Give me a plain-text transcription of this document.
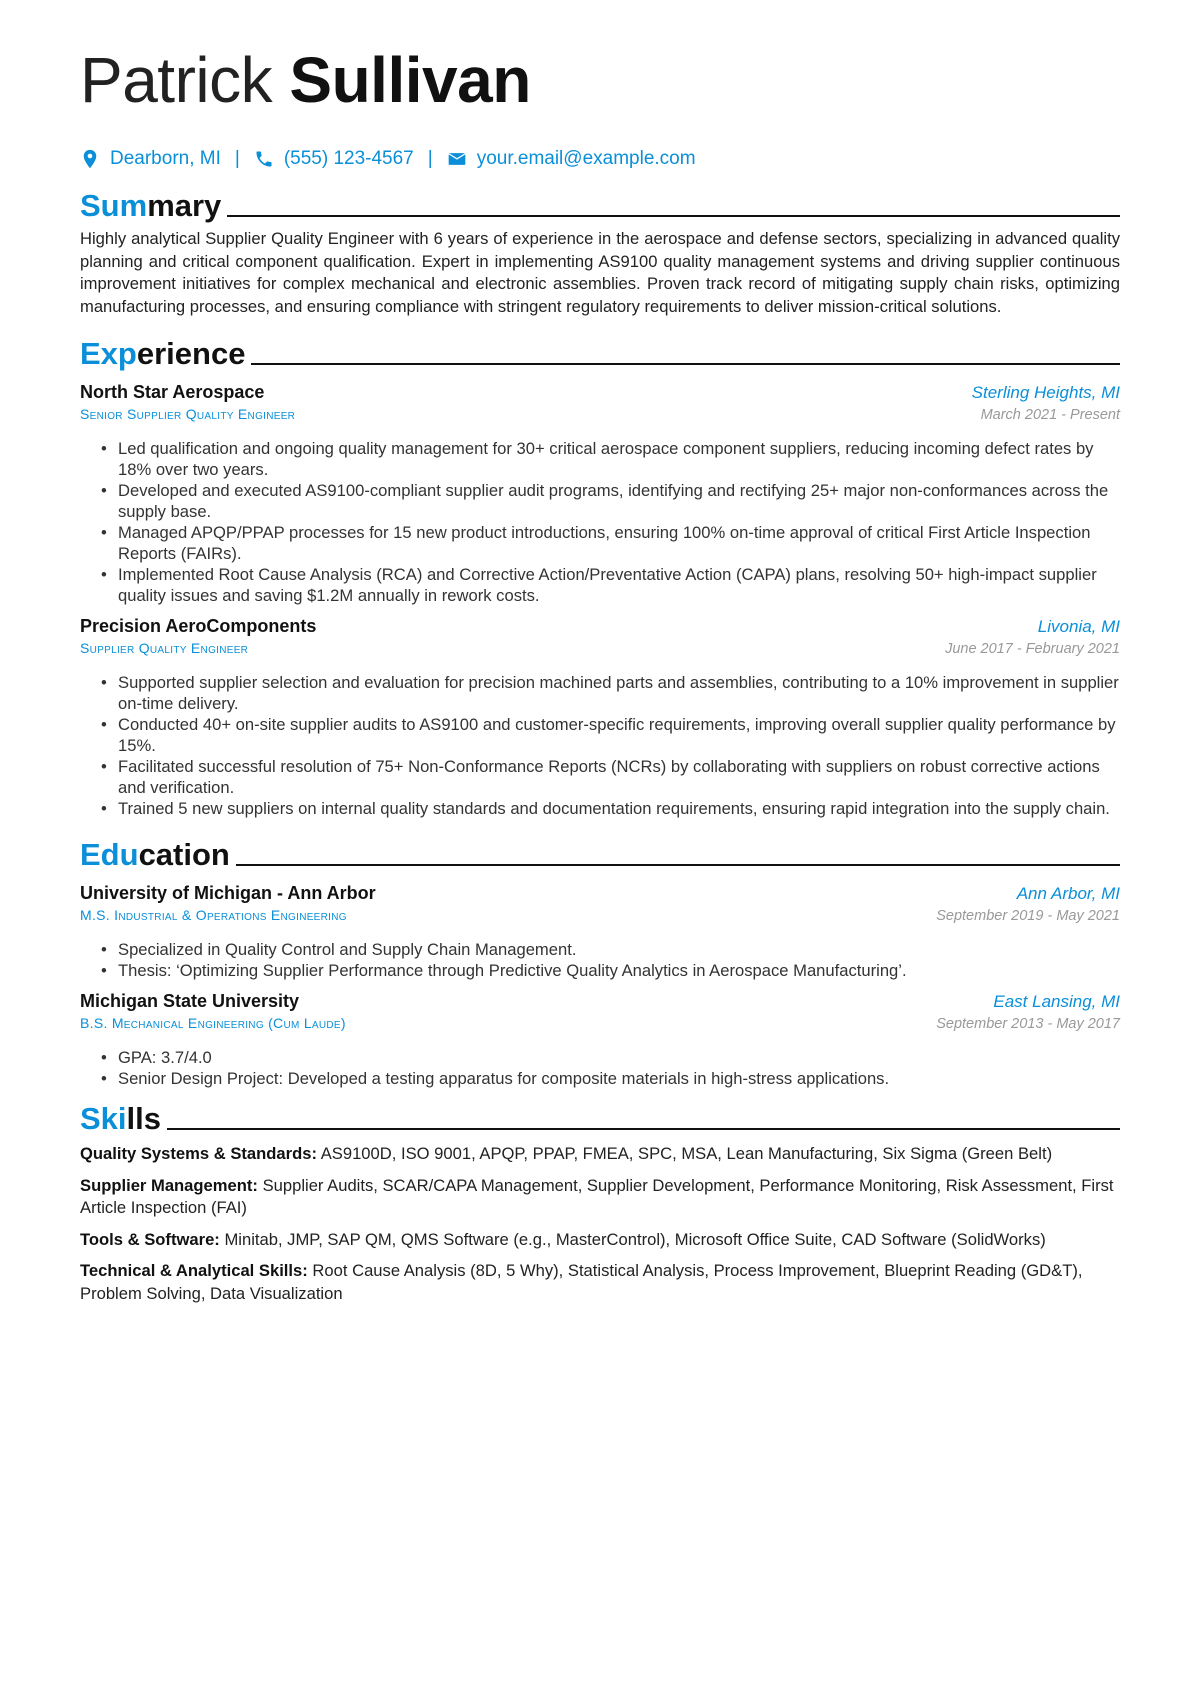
Patrick Sullivan
Dearborn, MI | (555) 123-4567 | your.email@example.com
Summary
Highly analytical Supplier Quality Engineer with 6 years of experience in the aerospace and defense sectors, specializing in advanced quality planning and critical component qualification. Expert in implementing AS9100 quality management systems and driving supplier continuous improvement initiatives for complex mechanical and electronic assemblies. Proven track record of mitigating supply chain risks, optimizing manufacturing processes, and ensuring compliance with stringent regulatory requirements to deliver mission-critical solutions.
Experience
North Star Aerospace	Sterling Heights, MI
Senior Supplier Quality Engineer	March 2021 - Present
• Led qualification and ongoing quality management for 30+ critical aerospace component suppliers, reducing incoming defect rates by 18% over two years.
• Developed and executed AS9100-compliant supplier audit programs, identifying and rectifying 25+ major non-conformances across the supply base.
• Managed APQP/PPAP processes for 15 new product introductions, ensuring 100% on-time approval of critical First Article Inspection Reports (FAIRs).
• Implemented Root Cause Analysis (RCA) and Corrective Action/Preventative Action (CAPA) plans, resolving 50+ high-impact supplier quality issues and saving $1.2M annually in rework costs.
Precision AeroComponents	Livonia, MI
Supplier Quality Engineer	June 2017 - February 2021
• Supported supplier selection and evaluation for precision machined parts and assemblies, contributing to a 10% improvement in supplier on-time delivery.
• Conducted 40+ on-site supplier audits to AS9100 and customer-specific requirements, improving overall supplier quality performance by 15%.
• Facilitated successful resolution of 75+ Non-Conformance Reports (NCRs) by collaborating with suppliers on robust corrective actions and verification.
• Trained 5 new suppliers on internal quality standards and documentation requirements, ensuring rapid integration into the supply chain.
Education
University of Michigan - Ann Arbor	Ann Arbor, MI
M.S. Industrial & Operations Engineering	September 2019 - May 2021
• Specialized in Quality Control and Supply Chain Management.
• Thesis: ‘Optimizing Supplier Performance through Predictive Quality Analytics in Aerospace Manufacturing’.
Michigan State University	East Lansing, MI
B.S. Mechanical Engineering (Cum Laude)	September 2013 - May 2017
• GPA: 3.7/4.0
• Senior Design Project: Developed a testing apparatus for composite materials in high-stress applications.
Skills
Quality Systems & Standards: AS9100D, ISO 9001, APQP, PPAP, FMEA, SPC, MSA, Lean Manufacturing, Six Sigma (Green Belt)
Supplier Management: Supplier Audits, SCAR/CAPA Management, Supplier Development, Performance Monitoring, Risk Assessment, First Article Inspection (FAI)
Tools & Software: Minitab, JMP, SAP QM, QMS Software (e.g., MasterControl), Microsoft Office Suite, CAD Software (SolidWorks)
Technical & Analytical Skills: Root Cause Analysis (8D, 5 Why), Statistical Analysis, Process Improvement, Blueprint Reading (GD&T), Problem Solving, Data Visualization
